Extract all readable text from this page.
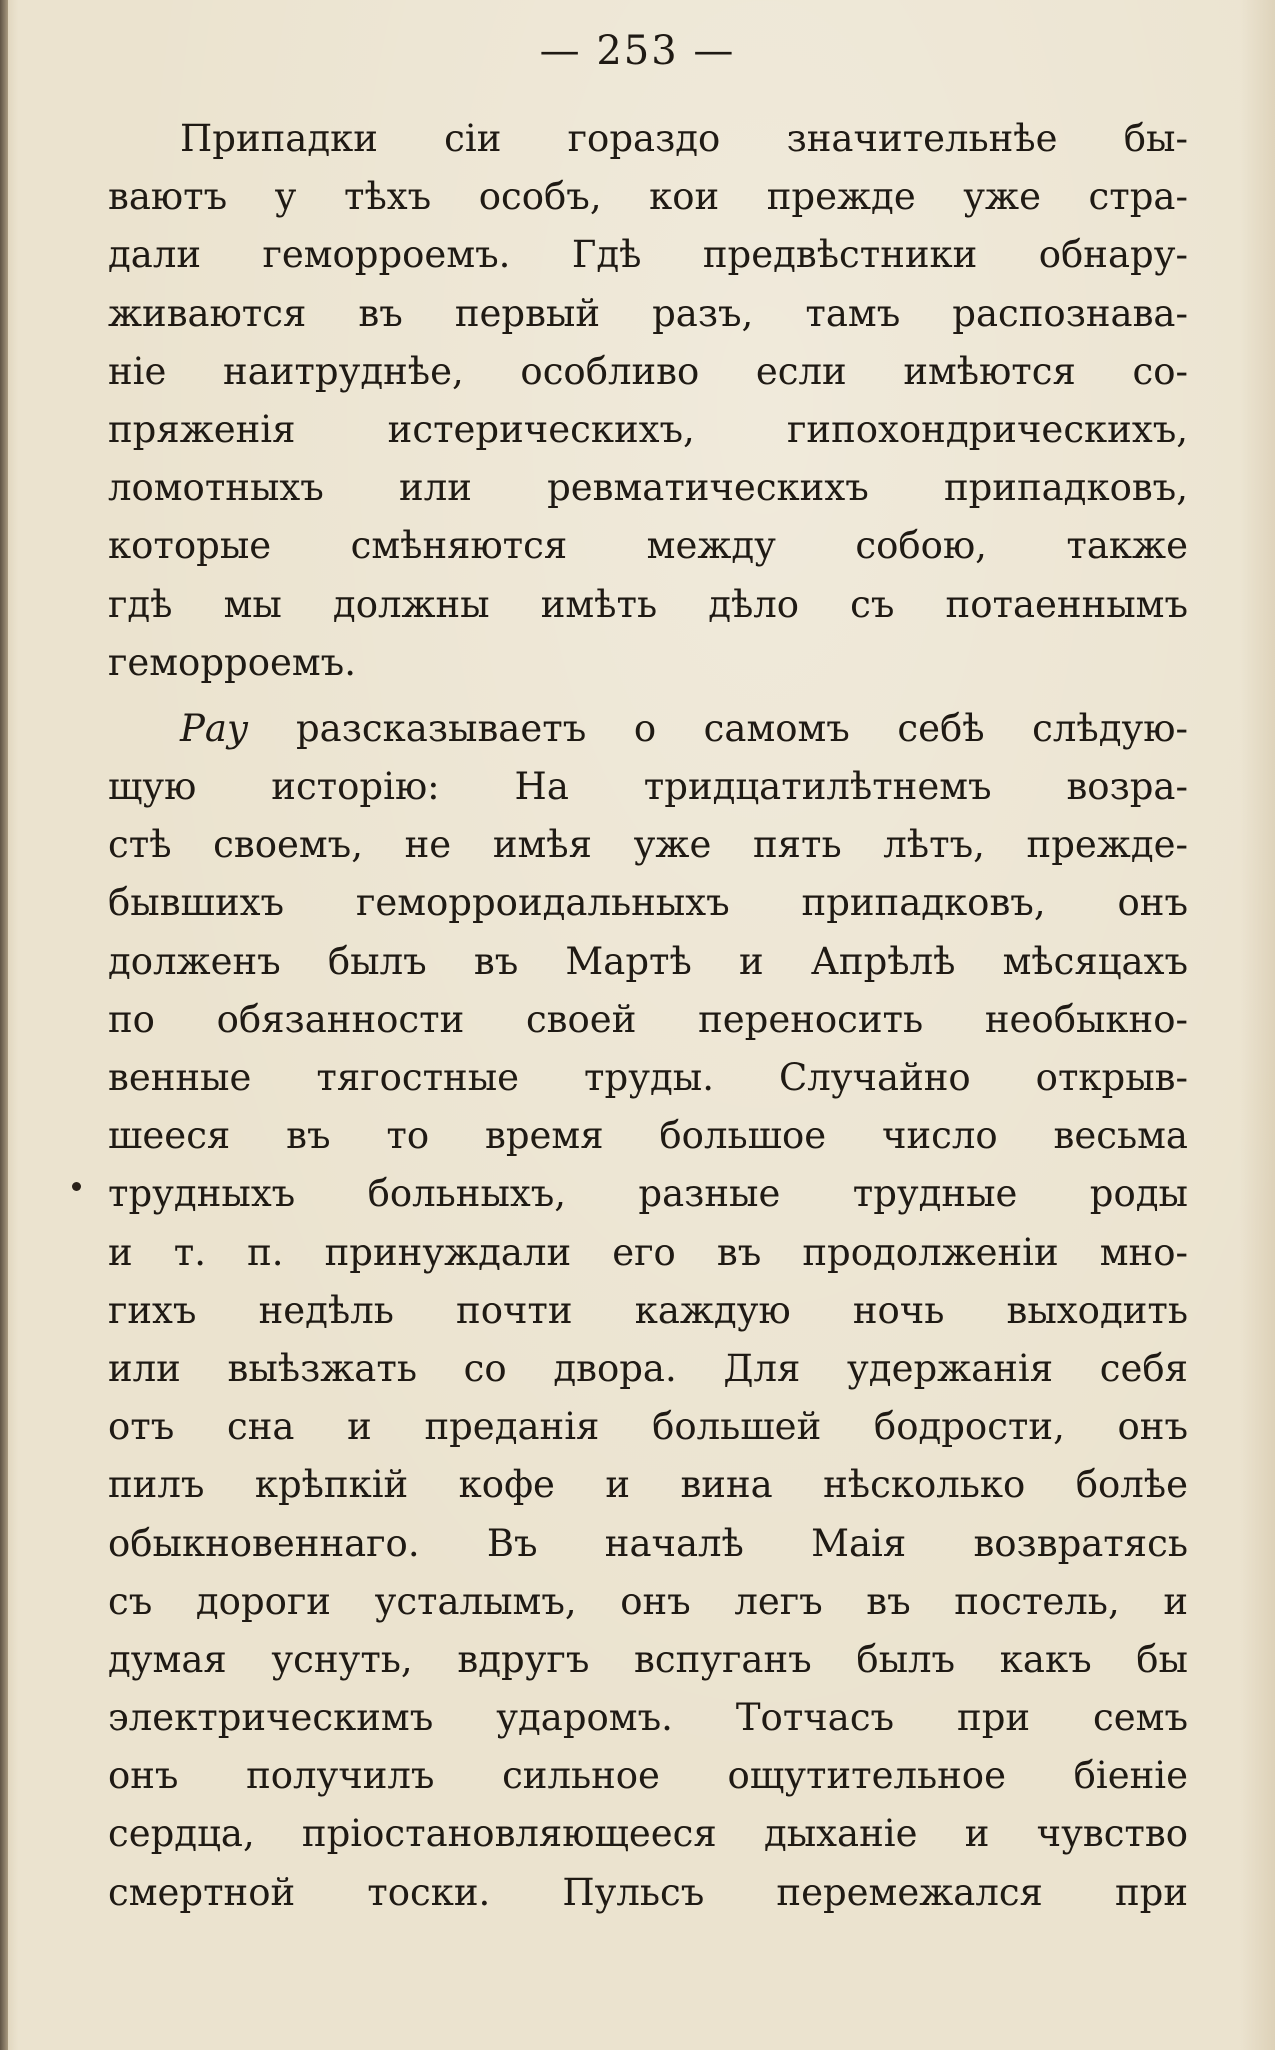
— 253 —
Припадки сіи гораздо значительнѣе бы-
ваютъ у тѣхъ особъ, кои прежде уже стра-
дали геморроемъ. Гдѣ предвѣстники обнару-
живаются въ первый разъ, тамъ распознава-
ніе наитруднѣе, особливо если имѣются со-
пряженія истерическихъ, гипохондрическихъ,
ломотныхъ или ревматическихъ припадковъ,
которые смѣняются между собою, также
гдѣ мы должны имѣть дѣло съ потаеннымъ
геморроемъ.
Рау разсказываетъ о самомъ себѣ слѣдую-
щую исторію: На тридцатилѣтнемъ возра-
стѣ своемъ, не имѣя уже пять лѣтъ, прежде-
бывшихъ геморроидальныхъ припадковъ, онъ
долженъ былъ въ Мартѣ и Апрѣлѣ мѣсяцахъ
по обязанности своей переносить необыкно-
венные тягостные труды. Случайно открыв-
шееся въ то время большое число весьма
трудныхъ больныхъ, разные трудные роды
и т. п. принуждали его въ продолженіи мно-
гихъ недѣль почти каждую ночь выходить
или выѣзжать со двора. Для удержанія себя
отъ сна и преданія большей бодрости, онъ
пилъ крѣпкій кофе и вина нѣсколько болѣе
обыкновеннаго. Въ началѣ Маія возвратясь
съ дороги усталымъ, онъ легъ въ постель, и
думая уснуть, вдругъ вспуганъ былъ какъ бы
электрическимъ ударомъ. Тотчасъ при семъ
онъ получилъ сильное ощутительное біеніе
сердца, пріостановляющееся дыханіе и чувство
смертной тоски. Пульсъ перемежался при
